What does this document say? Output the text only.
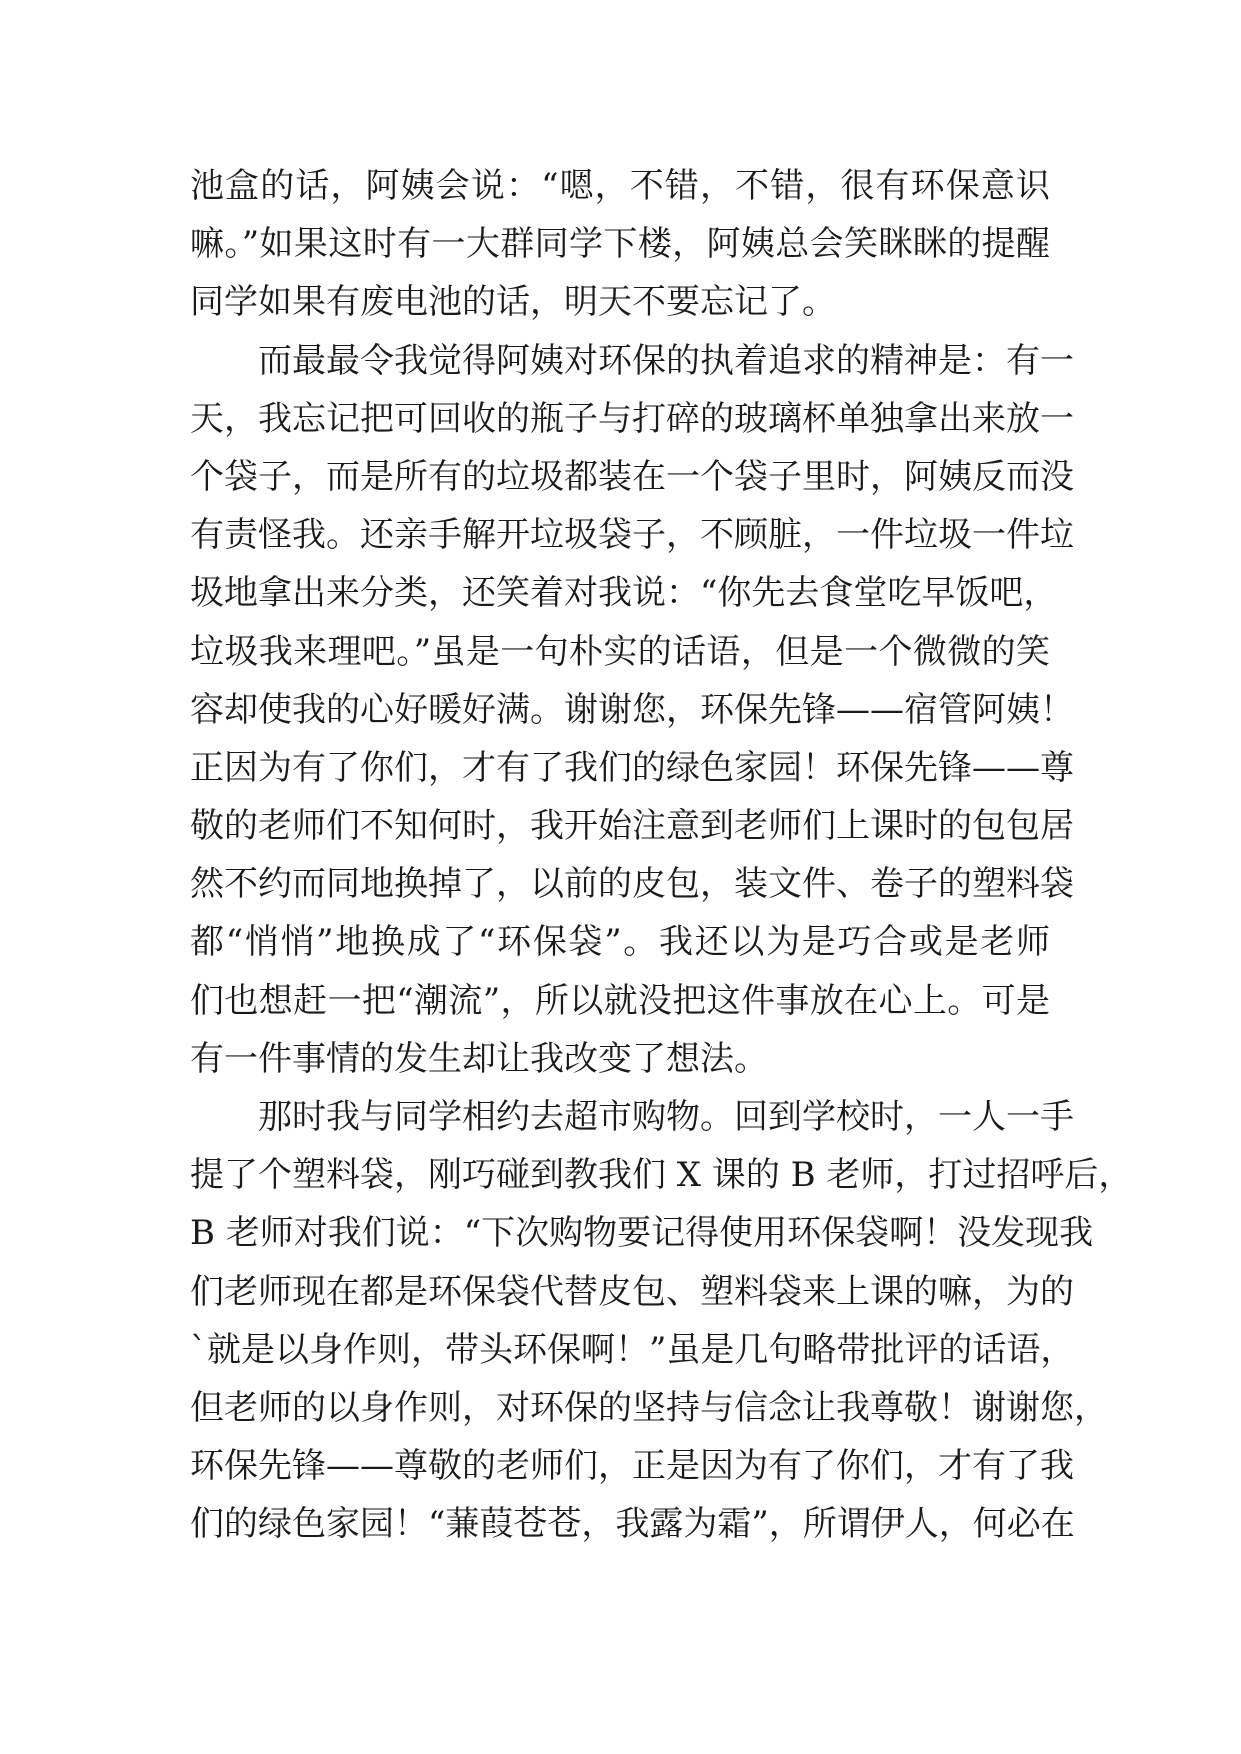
池盒的话，阿姨会说：“嗯，不错，不错，很有环保意识
嘛。”如果这时有一大群同学下楼，阿姨总会笑眯眯的提醒
同学如果有废电池的话，明天不要忘记了。
而最最令我觉得阿姨对环保的执着追求的精神是：有一
天，我忘记把可回收的瓶子与打碎的玻璃杯单独拿出来放一
个袋子，而是所有的垃圾都装在一个袋子里时，阿姨反而没
有责怪我。还亲手解开垃圾袋子，不顾脏，一件垃圾一件垃
圾地拿出来分类，还笑着对我说：“你先去食堂吃早饭吧，
垃圾我来理吧。”虽是一句朴实的话语，但是一个微微的笑
容却使我的心好暖好满。谢谢您，环保先锋——宿管阿姨！
正因为有了你们，才有了我们的绿色家园！环保先锋——尊
敬的老师们不知何时，我开始注意到老师们上课时的包包居
然不约而同地换掉了，以前的皮包，装文件、卷子的塑料袋
都“悄悄”地换成了“环保袋”。我还以为是巧合或是老师
们也想赶一把“潮流”，所以就没把这件事放在心上。可是
有一件事情的发生却让我改变了想法。
那时我与同学相约去超市购物。回到学校时，一人一手
提了个塑料袋，刚巧碰到教我们 X 课的 B 老师，打过招呼后，
B 老师对我们说：“下次购物要记得使用环保袋啊！没发现我
们老师现在都是环保袋代替皮包、塑料袋来上课的嘛，为的
`就是以身作则，带头环保啊！”虽是几句略带批评的话语，
但老师的以身作则，对环保的坚持与信念让我尊敬！谢谢您，
环保先锋——尊敬的老师们，正是因为有了你们，才有了我
们的绿色家园！“蒹葭苍苍，我露为霜”，所谓伊人，何必在
